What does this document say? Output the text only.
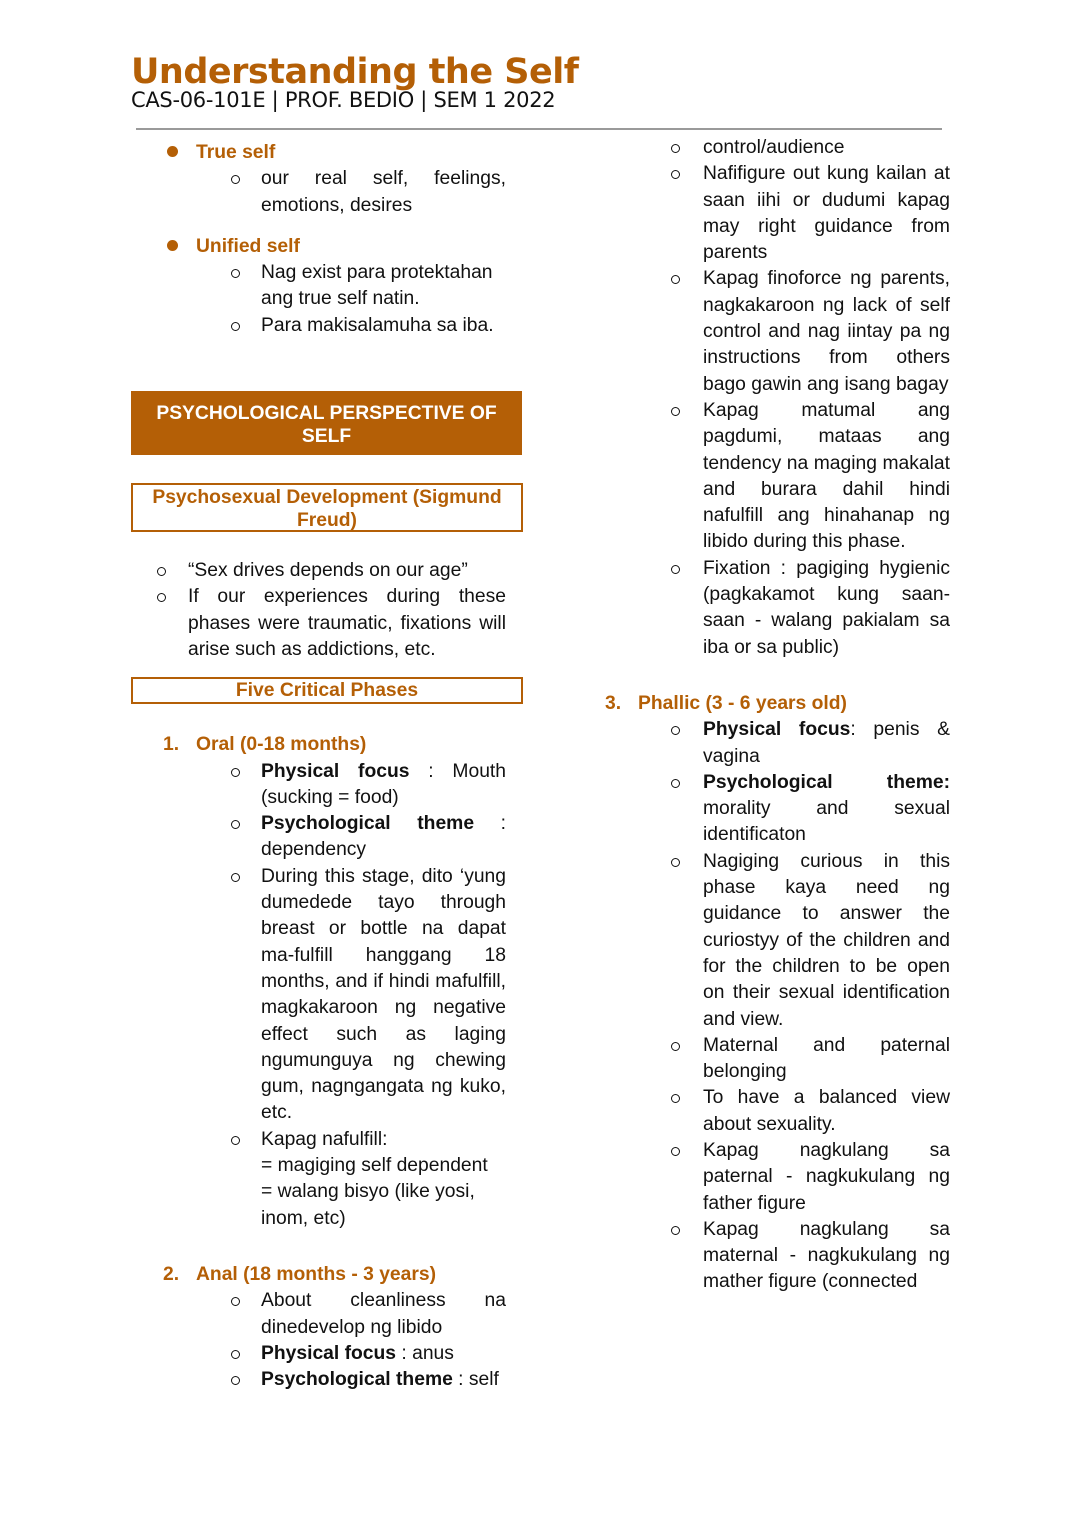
Understanding the Self
CAS-06-101E | PROF. BEDIO | SEM 1 2022
True self
our real self, feelings, emotions, desires
Unified self
Nag exist para protektahan ang true self natin.
Para makisalamuha sa iba.
PSYCHOLOGICAL PERSPECTIVE OF SELF
Psychosexual Development (Sigmund Freud)
“Sex drives depends on our age”
If our experiences during these phases were traumatic, fixations will arise such as addictions, etc.
Five Critical Phases
1. Oral (0-18 months)
Physical focus : Mouth (sucking = food)
Psychological theme : dependency
During this stage, dito ‘yung dumedede tayo through breast or bottle na dapat ma-fulfill hanggang 18 months, and if hindi mafulfill, magkakaroon ng negative effect such as laging ngumunguya ng chewing gum, nagngangata ng kuko, etc.
Kapag nafulfill:
= magiging self dependent
= walang bisyo (like yosi, inom, etc)
2. Anal (18 months - 3 years)
About cleanliness na dinedevelop ng libido
Physical focus : anus
Psychological theme : self
control/audience
Nafifigure out kung kailan at saan iihi or dudumi kapag may right guidance from parents
Kapag finoforce ng parents, nagkakaroon ng lack of self control and nag iintay pa ng instructions from others bago gawin ang isang bagay
Kapag matumal ang pagdumi, mataas ang tendency na maging makalat and burara dahil hindi nafulfill ang hinahanap ng libido during this phase.
Fixation : pagiging hygienic (pagkakamot kung saan-saan - walang pakialam sa iba or sa public)
3. Phallic (3 - 6 years old)
Physical focus: penis & vagina
Psychological theme: morality and sexual identificaton
Nagiging curious in this phase kaya need ng guidance to answer the curiostyy of the children and for the children to be open on their sexual identification and view.
Maternal and paternal belonging
To have a balanced view about sexuality.
Kapag nagkulang sa paternal - nagkukulang ng father figure
Kapag nagkulang sa maternal - nagkukulang ng mather figure (connected
